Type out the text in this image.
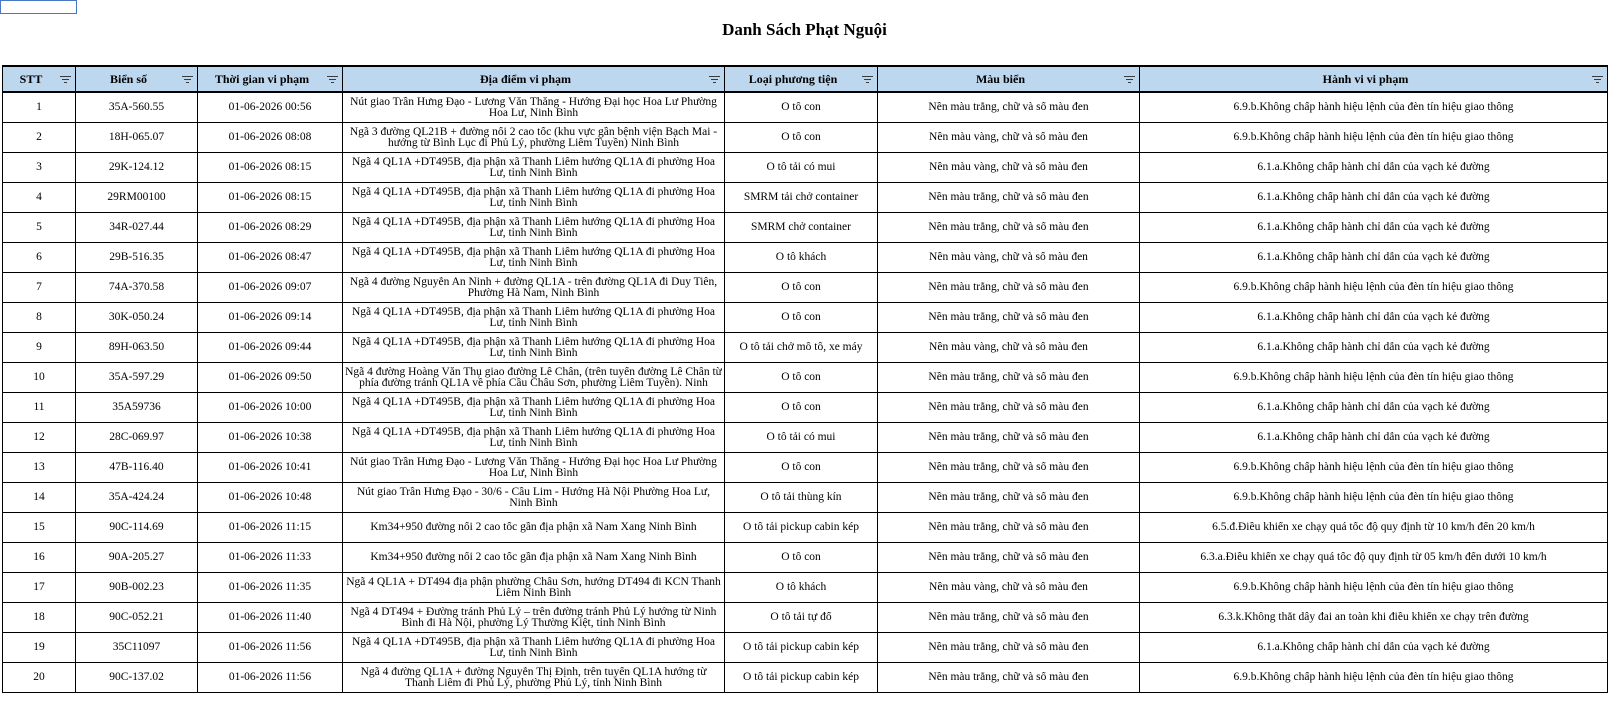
Danh Sách Phạt Nguội
STT	Biển số	Thời gian vi phạm	Địa điểm vi phạm	Loại phương tiện	Màu biển	Hành vi vi phạm

1	35A-560.55	01-06-2026 00:56	Nút giao Trần Hưng Đạo - Lương Văn Thăng - Hướng Đại học Hoa Lư Phường Hoa Lư, Ninh Bình	Ô tô con	Nền màu trắng, chữ và số màu đen	6.9.b.Không chấp hành hiệu lệnh của đèn tín hiệu giao thông

2	18H-065.07	01-06-2026 08:08	Ngã 3 đường QL21B + đường nối 2 cao tốc (khu vực gần bệnh viện Bạch Mai - hướng từ Bình Lục đi Phủ Lý, phường Liêm Tuyền) Ninh Bình	Ô tô con	Nền màu vàng, chữ và số màu đen	6.9.b.Không chấp hành hiệu lệnh của đèn tín hiệu giao thông

3	29K-124.12	01-06-2026 08:15	Ngã 4 QL1A +DT495B, địa phận xã Thanh Liêm hướng QL1A đi phường Hoa Lư, tỉnh Ninh Bình	Ô tô tải có mui	Nền màu vàng, chữ và số màu đen	6.1.a.Không chấp hành chỉ dẫn của vạch kẻ đường

4	29RM00100	01-06-2026 08:15	Ngã 4 QL1A +DT495B, địa phận xã Thanh Liêm hướng QL1A đi phường Hoa Lư, tỉnh Ninh Bình	SMRM tải chở container	Nền màu trắng, chữ và số màu đen	6.1.a.Không chấp hành chỉ dẫn của vạch kẻ đường

5	34R-027.44	01-06-2026 08:29	Ngã 4 QL1A +DT495B, địa phận xã Thanh Liêm hướng QL1A đi phường Hoa Lư, tỉnh Ninh Bình	SMRM chở container	Nền màu trắng, chữ và số màu đen	6.1.a.Không chấp hành chỉ dẫn của vạch kẻ đường

6	29B-516.35	01-06-2026 08:47	Ngã 4 QL1A +DT495B, địa phận xã Thanh Liêm hướng QL1A đi phường Hoa Lư, tỉnh Ninh Bình	Ô tô khách	Nền màu vàng, chữ và số màu đen	6.1.a.Không chấp hành chỉ dẫn của vạch kẻ đường

7	74A-370.58	01-06-2026 09:07	Ngã 4 đường Nguyễn An Ninh + đường QL1A - trên đường QL1A đi Duy Tiên, Phường Hà Nam, Ninh Bình	Ô tô con	Nền màu trắng, chữ và số màu đen	6.9.b.Không chấp hành hiệu lệnh của đèn tín hiệu giao thông

8	30K-050.24	01-06-2026 09:14	Ngã 4 QL1A +DT495B, địa phận xã Thanh Liêm hướng QL1A đi phường Hoa Lư, tỉnh Ninh Bình	Ô tô con	Nền màu trắng, chữ và số màu đen	6.1.a.Không chấp hành chỉ dẫn của vạch kẻ đường

9	89H-063.50	01-06-2026 09:44	Ngã 4 QL1A +DT495B, địa phận xã Thanh Liêm hướng QL1A đi phường Hoa Lư, tỉnh Ninh Bình	Ô tô tải chở mô tô, xe máy	Nền màu vàng, chữ và số màu đen	6.1.a.Không chấp hành chỉ dẫn của vạch kẻ đường

10	35A-597.29	01-06-2026 09:50	Ngã 4 đường Hoàng Văn Thụ giao đường Lê Chân, (trên tuyến đường Lê Chân từ phía đường tránh QL1A về phía Cầu Châu Sơn, phường Liêm Tuyền). Ninh	Ô tô con	Nền màu trắng, chữ và số màu đen	6.9.b.Không chấp hành hiệu lệnh của đèn tín hiệu giao thông

11	35A59736	01-06-2026 10:00	Ngã 4 QL1A +DT495B, địa phận xã Thanh Liêm hướng QL1A đi phường Hoa Lư, tỉnh Ninh Bình	Ô tô con	Nền màu trắng, chữ và số màu đen	6.1.a.Không chấp hành chỉ dẫn của vạch kẻ đường

12	28C-069.97	01-06-2026 10:38	Ngã 4 QL1A +DT495B, địa phận xã Thanh Liêm hướng QL1A đi phường Hoa Lư, tỉnh Ninh Bình	Ô tô tải có mui	Nền màu trắng, chữ và số màu đen	6.1.a.Không chấp hành chỉ dẫn của vạch kẻ đường

13	47B-116.40	01-06-2026 10:41	Nút giao Trần Hưng Đạo - Lương Văn Thăng - Hướng Đại học Hoa Lư Phường Hoa Lư, Ninh Bình	Ô tô con	Nền màu trắng, chữ và số màu đen	6.9.b.Không chấp hành hiệu lệnh của đèn tín hiệu giao thông

14	35A-424.24	01-06-2026 10:48	Nút giao Trần Hưng Đạo - 30/6 - Cầu Lim - Hướng Hà Nội Phường Hoa Lư, Ninh Bình	Ô tô tải thùng kín	Nền màu trắng, chữ và số màu đen	6.9.b.Không chấp hành hiệu lệnh của đèn tín hiệu giao thông

15	90C-114.69	01-06-2026 11:15	Km34+950 đường nối 2 cao tốc gần địa phận xã Nam Xang Ninh Bình	Ô tô tải pickup cabin kép	Nền màu trắng, chữ và số màu đen	6.5.đ.Điều khiển xe chạy quá tốc độ quy định từ 10 km/h đến 20 km/h

16	90A-205.27	01-06-2026 11:33	Km34+950 đường nối 2 cao tốc gần địa phận xã Nam Xang Ninh Bình	Ô tô con	Nền màu trắng, chữ và số màu đen	6.3.a.Điều khiển xe chạy quá tốc độ quy định từ 05 km/h đến dưới 10 km/h

17	90B-002.23	01-06-2026 11:35	Ngã 4 QL1A + DT494 địa phận phường Châu Sơn, hướng DT494 đi KCN Thanh Liêm Ninh Bình	Ô tô khách	Nền màu vàng, chữ và số màu đen	6.9.b.Không chấp hành hiệu lệnh của đèn tín hiệu giao thông

18	90C-052.21	01-06-2026 11:40	Ngã 4 DT494 + Đường tránh Phủ Lý – trên đường tránh Phủ Lý hướng từ Ninh Bình đi Hà Nội, phường Lý Thường Kiệt, tỉnh Ninh Bình	Ô tô tải tự đổ	Nền màu trắng, chữ và số màu đen	6.3.k.Không thắt dây đai an toàn khi điều khiển xe chạy trên đường

19	35C11097	01-06-2026 11:56	Ngã 4 QL1A +DT495B, địa phận xã Thanh Liêm hướng QL1A đi phường Hoa Lư, tỉnh Ninh Bình	Ô tô tải pickup cabin kép	Nền màu trắng, chữ và số màu đen	6.1.a.Không chấp hành chỉ dẫn của vạch kẻ đường

20	90C-137.02	01-06-2026 11:56	Ngã 4 đường QL1A + đường Nguyễn Thị Định, trên tuyến QL1A hướng từ Thanh Liêm đi Phủ Lý, phường Phủ Lý, tỉnh Ninh Bình	Ô tô tải pickup cabin kép	Nền màu trắng, chữ và số màu đen	6.9.b.Không chấp hành hiệu lệnh của đèn tín hiệu giao thông
